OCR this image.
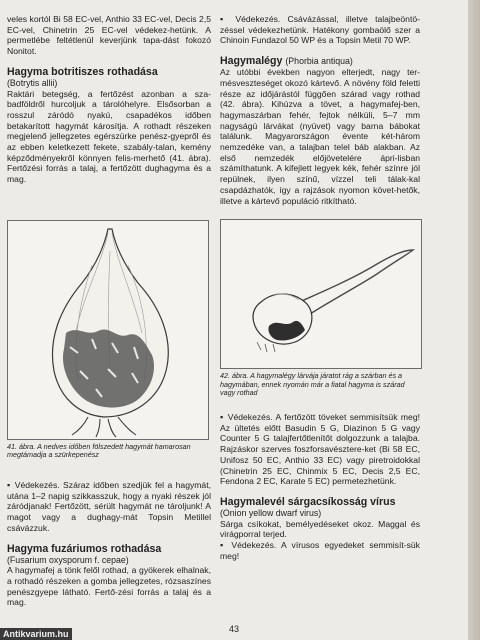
veles kortól Bi 58 EC-vel, Anthio 33 EC-vel, Decis 2,5 EC-vel, Chinetrin 25 EC-vel védekez-hetünk. A permetlébe feltétlenül keverjünk tapa-dást fokozó Nonitot.

Hagyma botritiszes rothadása
(Botrytis allii)

Raktári betegség, a fertőzést azonban a sza-badföldről hurcoljuk a tárolóhelyre. Elsősorban a rosszul záródó nyakú, csapadékos időben betakarított hagymát károsítja. A rothadt részeken megjelenő jellegzetes egérszürke penész-gyepről és az ebben keletkezett fekete, szabály-talan, kemény képződményekről könnyen felis-merhető (41. ábra). Fertőzési forrás a talaj, a fertőzött dughagyma és a mag.

41. ábra. A nedves időben fölszedett hagymát hamarosan megtámadja a szürkepenész

▪ Védekezés. Száraz időben szedjük fel a hagymát, utána 1–2 napig szikkasszuk, hogy a nyaki részek jól záródjanak! Fertőzött, sérült hagymát ne tároljunk! A magot vagy a dughagy-mát Topsin Metillel csávázzuk.

Hagyma fuzáriumos rothadása
(Fusarium oxysporum f. cepae)

A hagymafej a tönk felől rothad, a gyökerek elhalnak, a rothadó részeken a gomba jellegzetes, rózsaszínes penészgyepe látható. Fertő-zési forrás a talaj és a mag.

▪ Védekezés. Csávázással, illetve talajbeöntö-zéssel védekezhetünk. Hatékony gombaölő szer a Chinoin Fundazol 50 WP és a Topsin Metil 70 WP.

Hagymalégy (Phorbia antiqua)

Az utóbbi években nagyon elterjedt, nagy ter-mésveszteséget okozó kártevő. A növény föld feletti része az időjárástól függően szárad vagy rothad (42. ábra). Kihúzva a tövet, a hagymafej-ben, hagymaszárban fehér, fejtok nélküli, 5–7 mm nagyságú lárvákat (nyüvet) vagy barna bábokat találunk. Magyarországon évente két-három nemzedéke van, a talajban telel báb alakban. Az első nemzedék előjövetelére ápri-lisban számíthatunk. A kifejlett legyek kék, fehér színre jól repülnek, ilyen színű, vízzel teli tálak-kal csapdázhatók, így a rajzások nyomon követ-hetők, illetve a kártevő populáció ritkítható.

42. ábra. A hagymalégy lárvája járatot rág a szárban és a hagymában, ennek nyomán már a fiatal hagyma is szárad vagy rothad

▪ Védekezés. A fertőzött töveket semmisítsük meg! Az ültetés előtt Basudin 5 G, Diazinon 5 G vagy Counter 5 G talajfertőtlenítőt dolgozzunk a talajba. Rajzáskor szerves foszforsavésztere-ket (Bi 58 EC, Unifosz 50 EC, Anthio 33 EC) vagy piretroidokkal (Chinetrin 25 EC, Chinmix 5 EC, Decis 2,5 EC, Fendona 2 EC, Karate 5 EC) permetezhetünk.

Hagymalevél sárgacsíkosság vírus
(Onion yellow dwarf virus)

Sárga csíkokat, bemélyedéseket okoz. Maggal és virágporral terjed.

▪ Védekezés. A vírusos egyedeket semmisít-sük meg!

43
Antikvarium.hu
